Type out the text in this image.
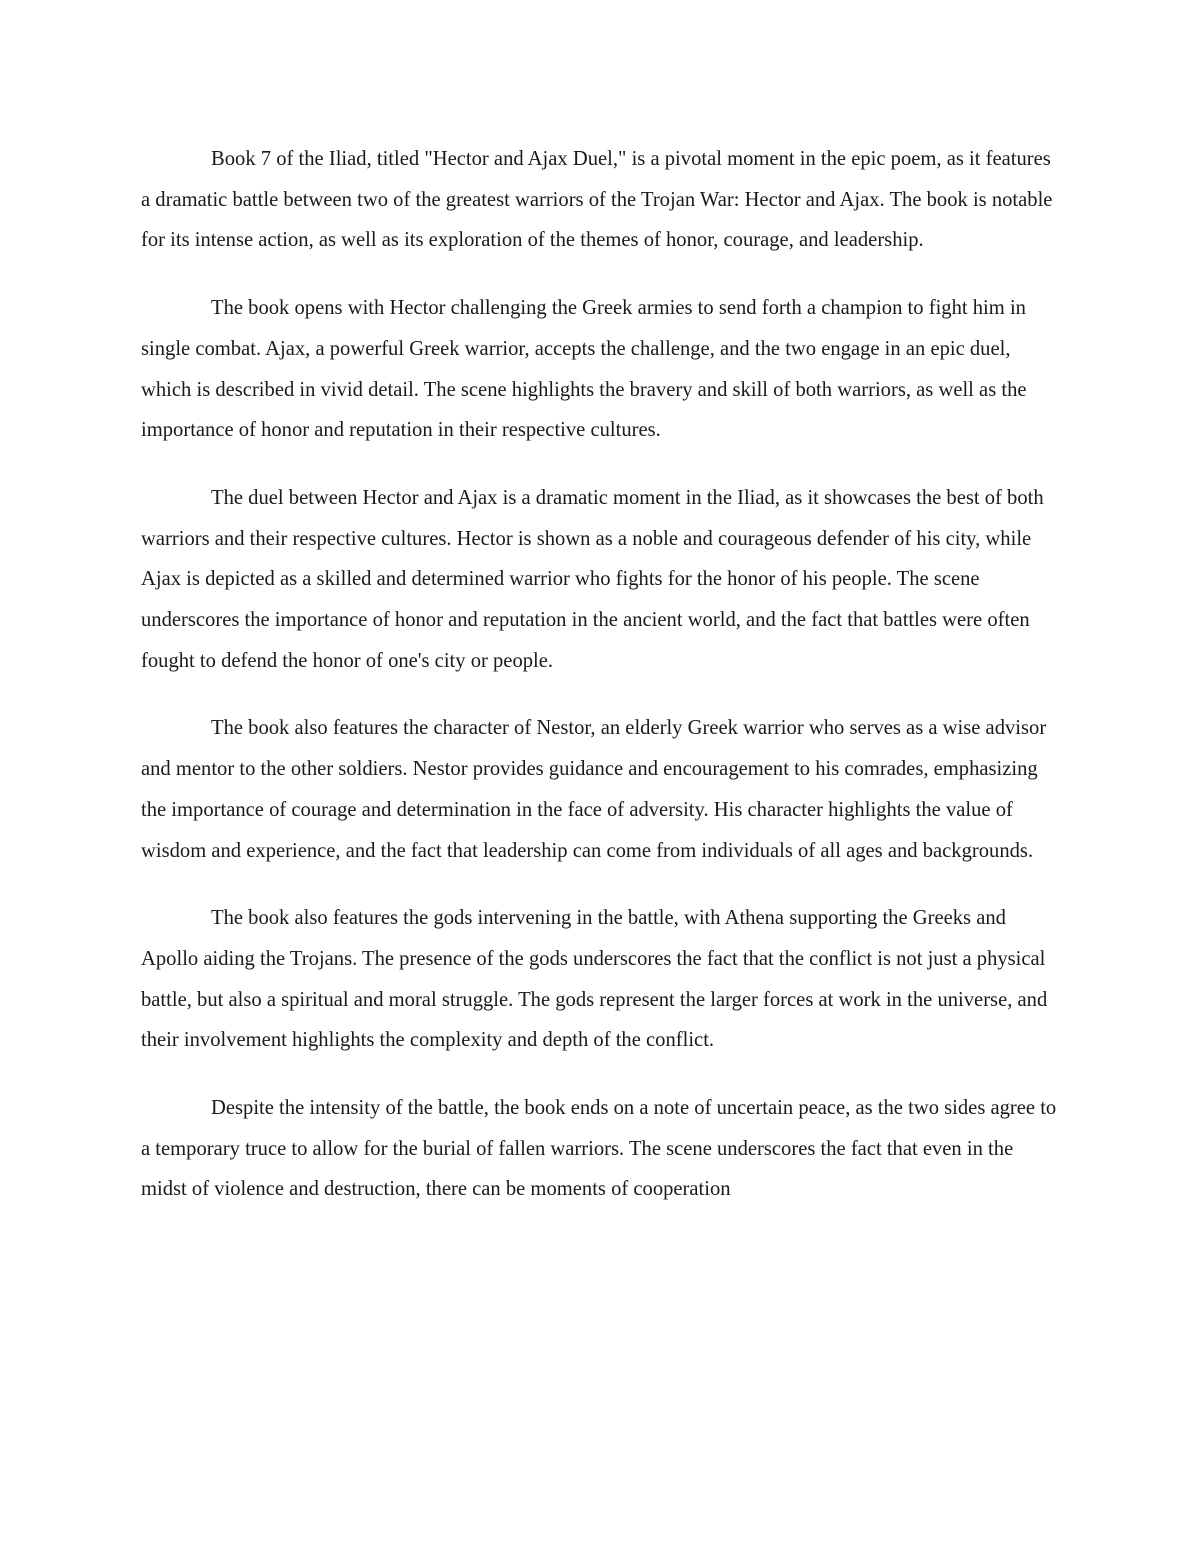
Book 7 of the Iliad, titled "Hector and Ajax Duel," is a pivotal moment in the epic poem, as it features a dramatic battle between two of the greatest warriors of the Trojan War: Hector and Ajax. The book is notable for its intense action, as well as its exploration of the themes of honor, courage, and leadership.

The book opens with Hector challenging the Greek armies to send forth a champion to fight him in single combat. Ajax, a powerful Greek warrior, accepts the challenge, and the two engage in an epic duel, which is described in vivid detail. The scene highlights the bravery and skill of both warriors, as well as the importance of honor and reputation in their respective cultures.

The duel between Hector and Ajax is a dramatic moment in the Iliad, as it showcases the best of both warriors and their respective cultures. Hector is shown as a noble and courageous defender of his city, while Ajax is depicted as a skilled and determined warrior who fights for the honor of his people. The scene underscores the importance of honor and reputation in the ancient world, and the fact that battles were often fought to defend the honor of one's city or people.

The book also features the character of Nestor, an elderly Greek warrior who serves as a wise advisor and mentor to the other soldiers. Nestor provides guidance and encouragement to his comrades, emphasizing the importance of courage and determination in the face of adversity. His character highlights the value of wisdom and experience, and the fact that leadership can come from individuals of all ages and backgrounds.

The book also features the gods intervening in the battle, with Athena supporting the Greeks and Apollo aiding the Trojans. The presence of the gods underscores the fact that the conflict is not just a physical battle, but also a spiritual and moral struggle. The gods represent the larger forces at work in the universe, and their involvement highlights the complexity and depth of the conflict.

Despite the intensity of the battle, the book ends on a note of uncertain peace, as the two sides agree to a temporary truce to allow for the burial of fallen warriors. The scene underscores the fact that even in the midst of violence and destruction, there can be moments of cooperation
